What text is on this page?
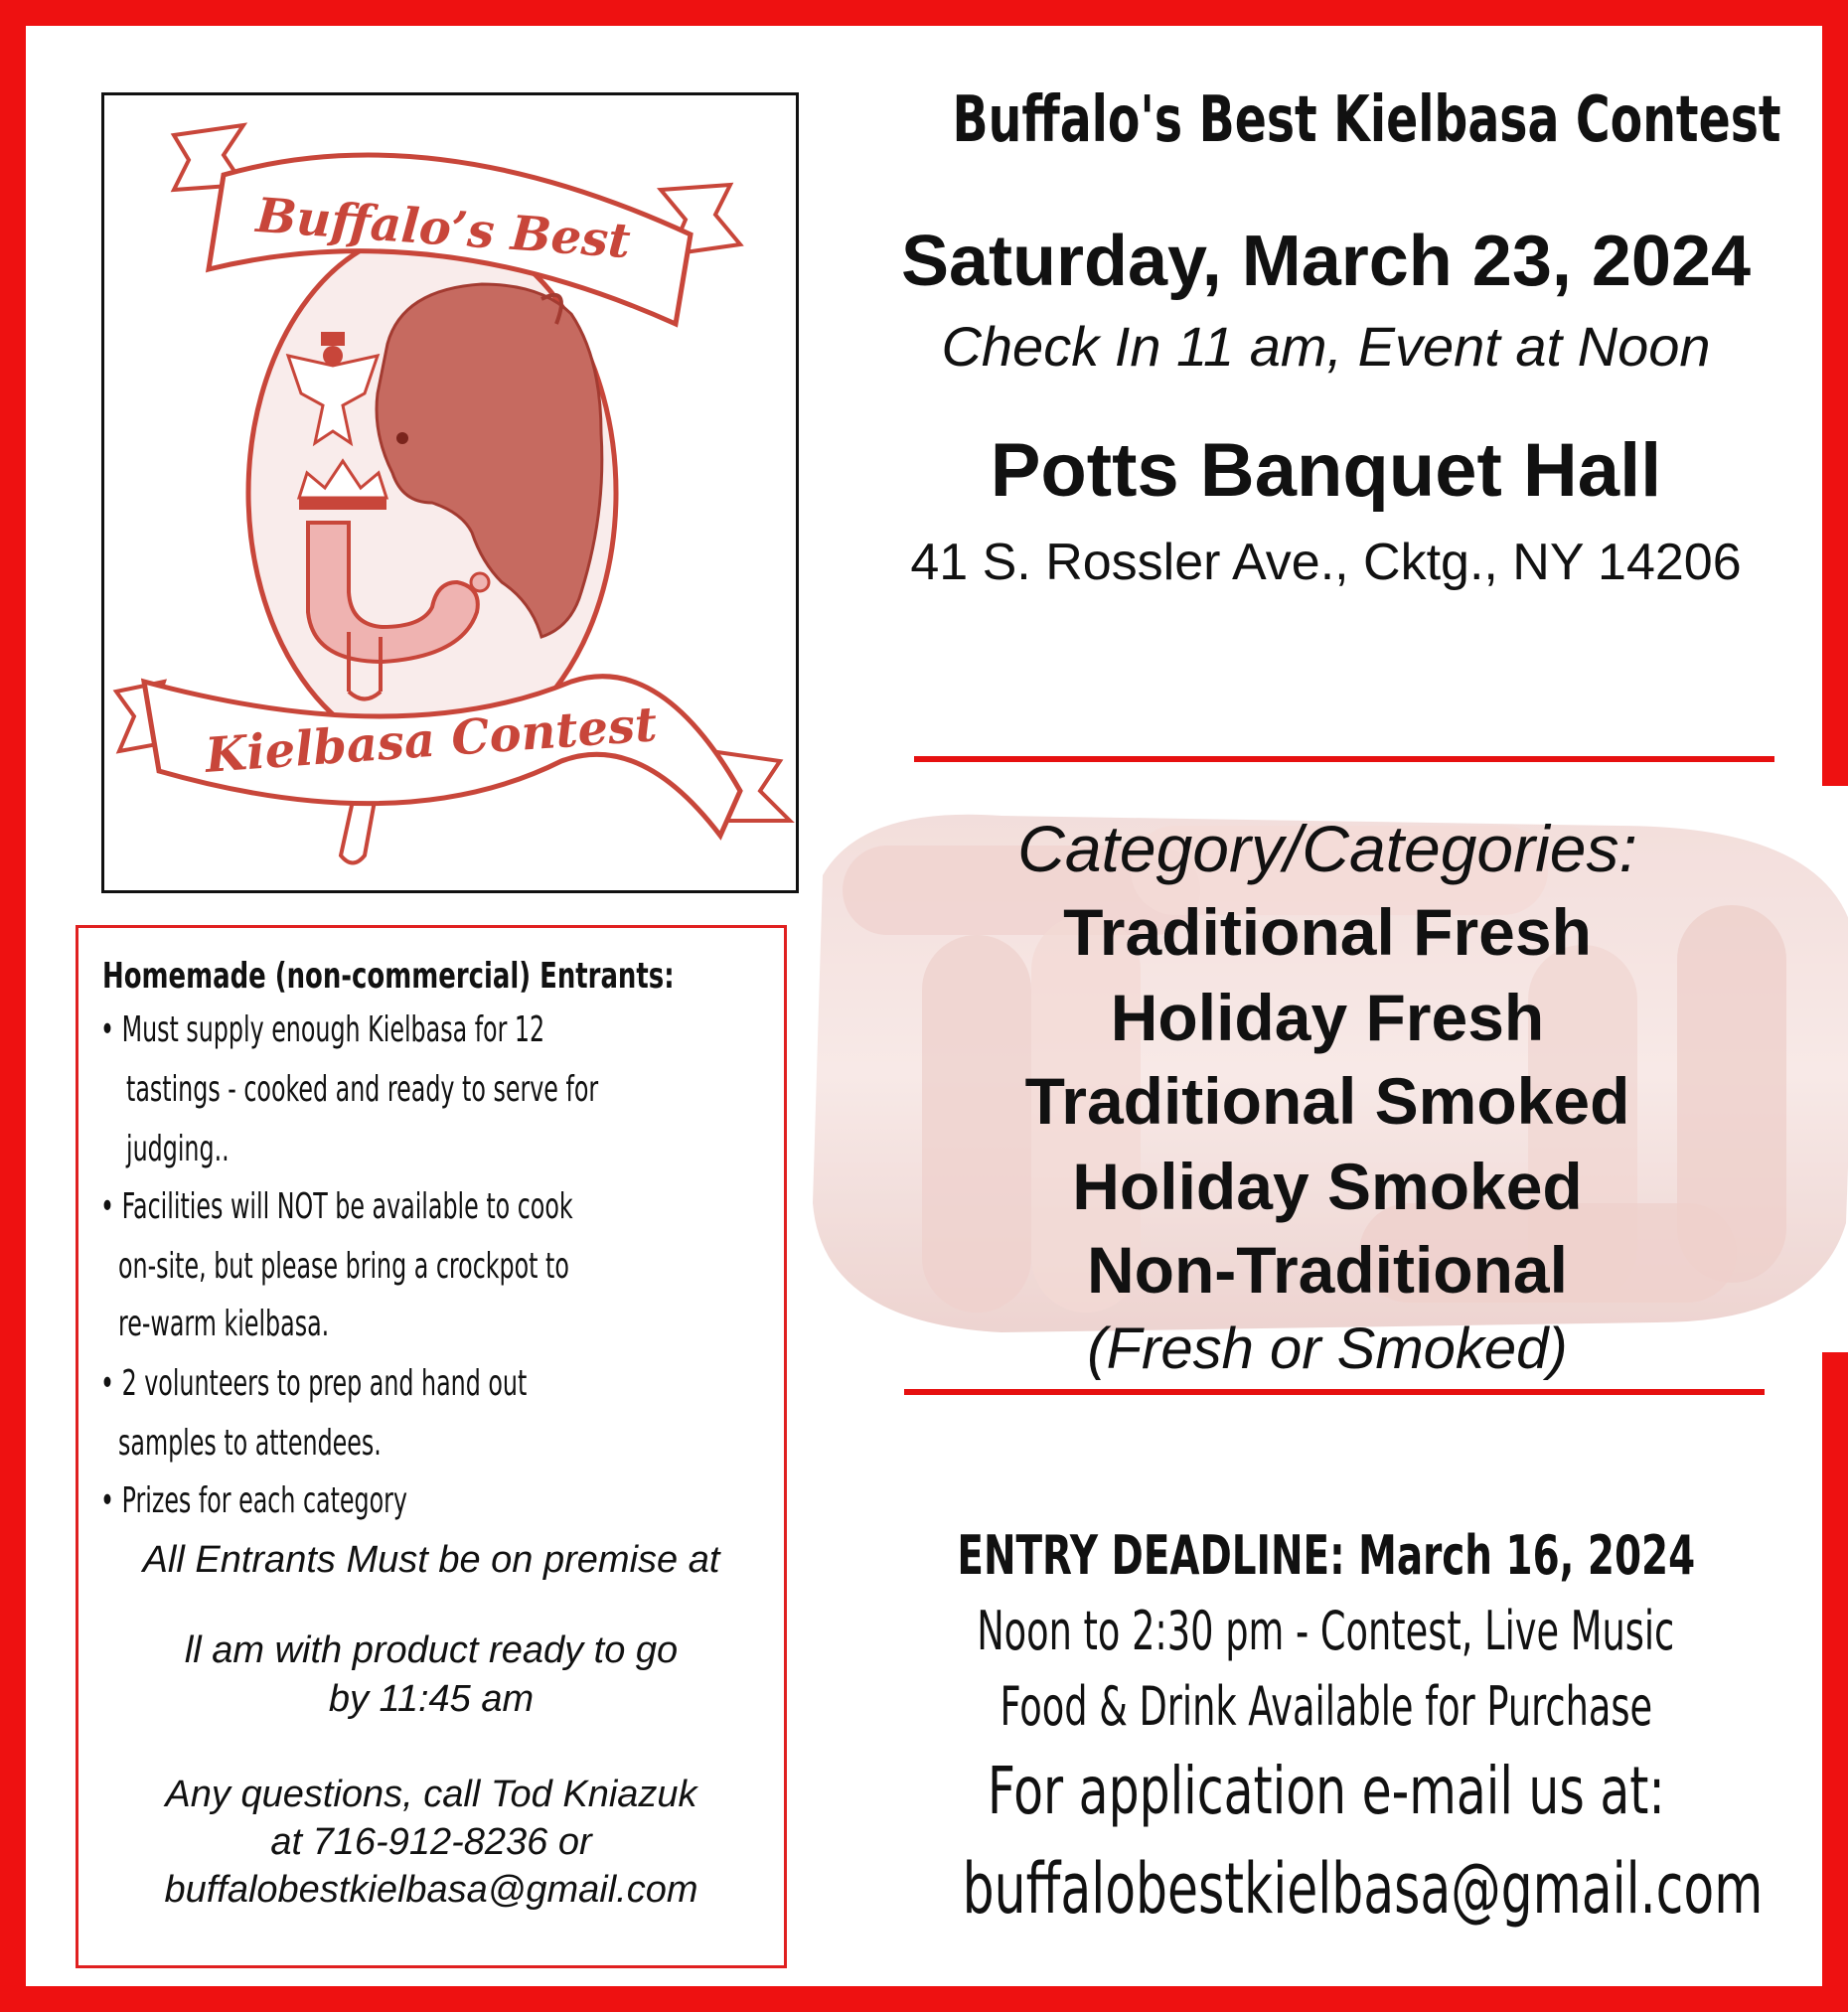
Buffalo’s Best
Kielbasa Contest
Homemade (non-commercial) Entrants:
• Must supply enough Kielbasa for 12
tastings - cooked and ready to serve for
judging..
• Facilities will NOT be available to cook
on-site, but please bring a crockpot to
re-warm kielbasa.
• 2 volunteers to prep and hand out
samples to attendees.
• Prizes for each category
All Entrants Must be on premise at
ll am with product ready to go
by 11:45 am
Any questions, call Tod Kniazuk
at 716-912-8236 or
buffalobestkielbasa@gmail.com
Buffalo's Best Kielbasa Contest
Saturday, March 23, 2024
Check In 11 am, Event at Noon
Potts Banquet Hall
41 S. Rossler Ave., Cktg., NY 14206
Category/Categories:
Traditional Fresh
Holiday Fresh
Traditional Smoked
Holiday Smoked
Non-Traditional
(Fresh or Smoked)
ENTRY DEADLINE: March 16, 2024
Noon to 2:30 pm - Contest, Live Music
Food & Drink Available for Purchase
For application e-mail us at:
buffalobestkielbasa@gmail.com
